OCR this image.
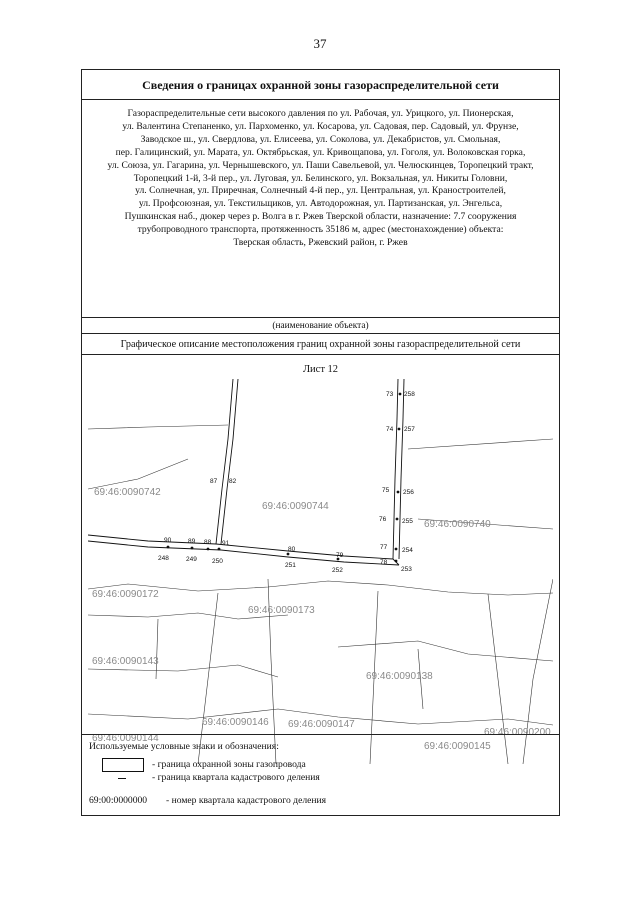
37
Сведения о границах охранной зоны газораспределительной сети
Газораспределительные сети высокого давления по ул. Рабочая, ул. Урицкого, ул. Пионерская,
ул. Валентина Степаненко, ул. Пархоменко, ул. Косарова, ул. Садовая, пер. Садовый, ул. Фрунзе,
Заводское ш., ул. Свердлова, ул. Елисеева, ул. Соколова, ул. Декабристов, ул. Смольная,
пер. Галицинский, ул. Марата, ул. Октябрьская, ул. Кривощапова, ул. Гоголя, ул. Волоковская горка,
ул. Союза, ул. Гагарина, ул. Чернышевского, ул. Паши Савельевой, ул. Челюскинцев, Торопецкий тракт,
Торопецкий 1-й, 3-й пер., ул. Луговая, ул. Белинского, ул. Вокзальная, ул. Никиты Головни,
ул. Солнечная, ул. Приречная, Солнечный 4-й пер., ул. Центральная, ул. Краностроителей,
ул. Профсоюзная, ул. Текстильщиков, ул. Автодорожная, ул. Партизанская, ул. Энгельса,
Пушкинская наб., дюкер через р. Волга в г. Ржев Тверской области, назначение: 7.7 сооружения
трубопроводного транспорта, протяженность 35186 м, адрес (местонахождение) объекта:
Тверская область, Ржевский район, г. Ржев
(наименование объекта)
Графическое описание местоположения границ охранной зоны газораспределительной сети
Лист 12
73 258
74 257
87 82
75 256
76 255
77 254
78
253
90	89 88 91
80
79
248	249 250
251
252
69:46:0090742
69:46:0090744
69:46:0090740
69:46:0090172
69:46:0090173
69:46:0090143
69:46:0090138
69:46:0090146 69:46:0090147
69:46:0090144
69:46:0090145
69:46:0090200
Используемые условные знаки и обозначения:
- граница охранной зоны газопровода
- граница квартала кадастрового деления
69:00:0000000 - номер квартала кадастрового деления
